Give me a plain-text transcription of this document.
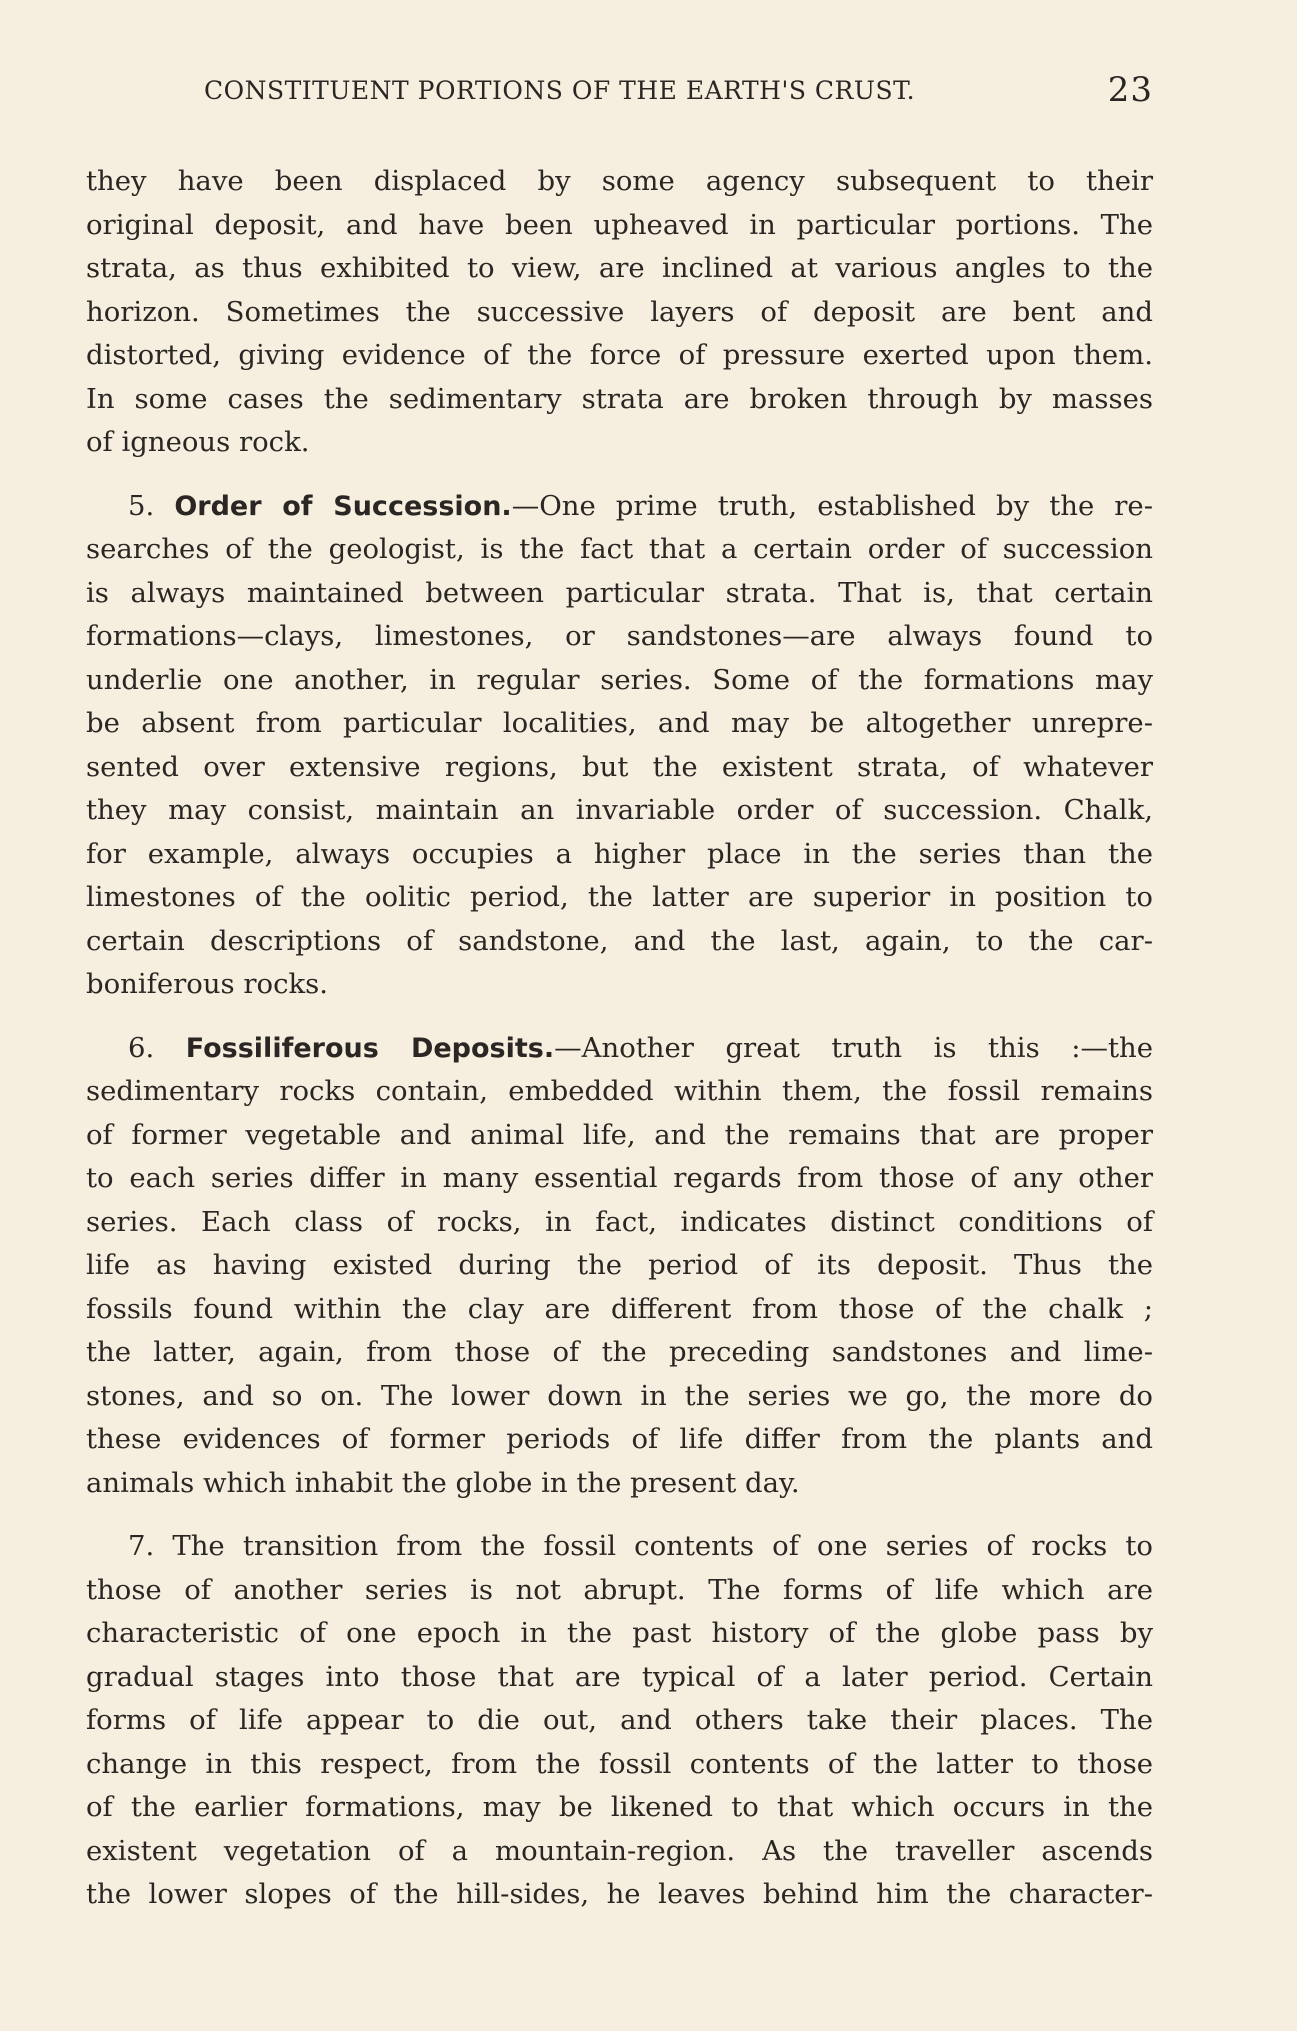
CONSTITUENT PORTIONS OF THE EARTH'S CRUST.	23
they have been displaced by some agency subsequent to their
original deposit, and have been upheaved in particular portions. The
strata, as thus exhibited to view, are inclined at various angles to the
horizon. Sometimes the successive layers of deposit are bent and
distorted, giving evidence of the force of pressure exerted upon them.
In some cases the sedimentary strata are broken through by masses
of igneous rock.
5. Order of Succession.—One prime truth, established by the re-
searches of the geologist, is the fact that a certain order of succession
is always maintained between particular strata. That is, that certain
formations—clays, limestones, or sandstones—are always found to
underlie one another, in regular series. Some of the formations may
be absent from particular localities, and may be altogether unrepre-
sented over extensive regions, but the existent strata, of whatever
they may consist, maintain an invariable order of succession. Chalk,
for example, always occupies a higher place in the series than the
limestones of the oolitic period, the latter are superior in position to
certain descriptions of sandstone, and the last, again, to the car-
boniferous rocks.
6. Fossiliferous Deposits.—Another great truth is this :—the
sedimentary rocks contain, embedded within them, the fossil remains
of former vegetable and animal life, and the remains that are proper
to each series differ in many essential regards from those of any other
series. Each class of rocks, in fact, indicates distinct conditions of
life as having existed during the period of its deposit. Thus the
fossils found within the clay are different from those of the chalk ;
the latter, again, from those of the preceding sandstones and lime-
stones, and so on. The lower down in the series we go, the more do
these evidences of former periods of life differ from the plants and
animals which inhabit the globe in the present day.
7. The transition from the fossil contents of one series of rocks to
those of another series is not abrupt. The forms of life which are
characteristic of one epoch in the past history of the globe pass by
gradual stages into those that are typical of a later period. Certain
forms of life appear to die out, and others take their places. The
change in this respect, from the fossil contents of the latter to those
of the earlier formations, may be likened to that which occurs in the
existent vegetation of a mountain-region. As the traveller ascends
the lower slopes of the hill-sides, he leaves behind him the character-
